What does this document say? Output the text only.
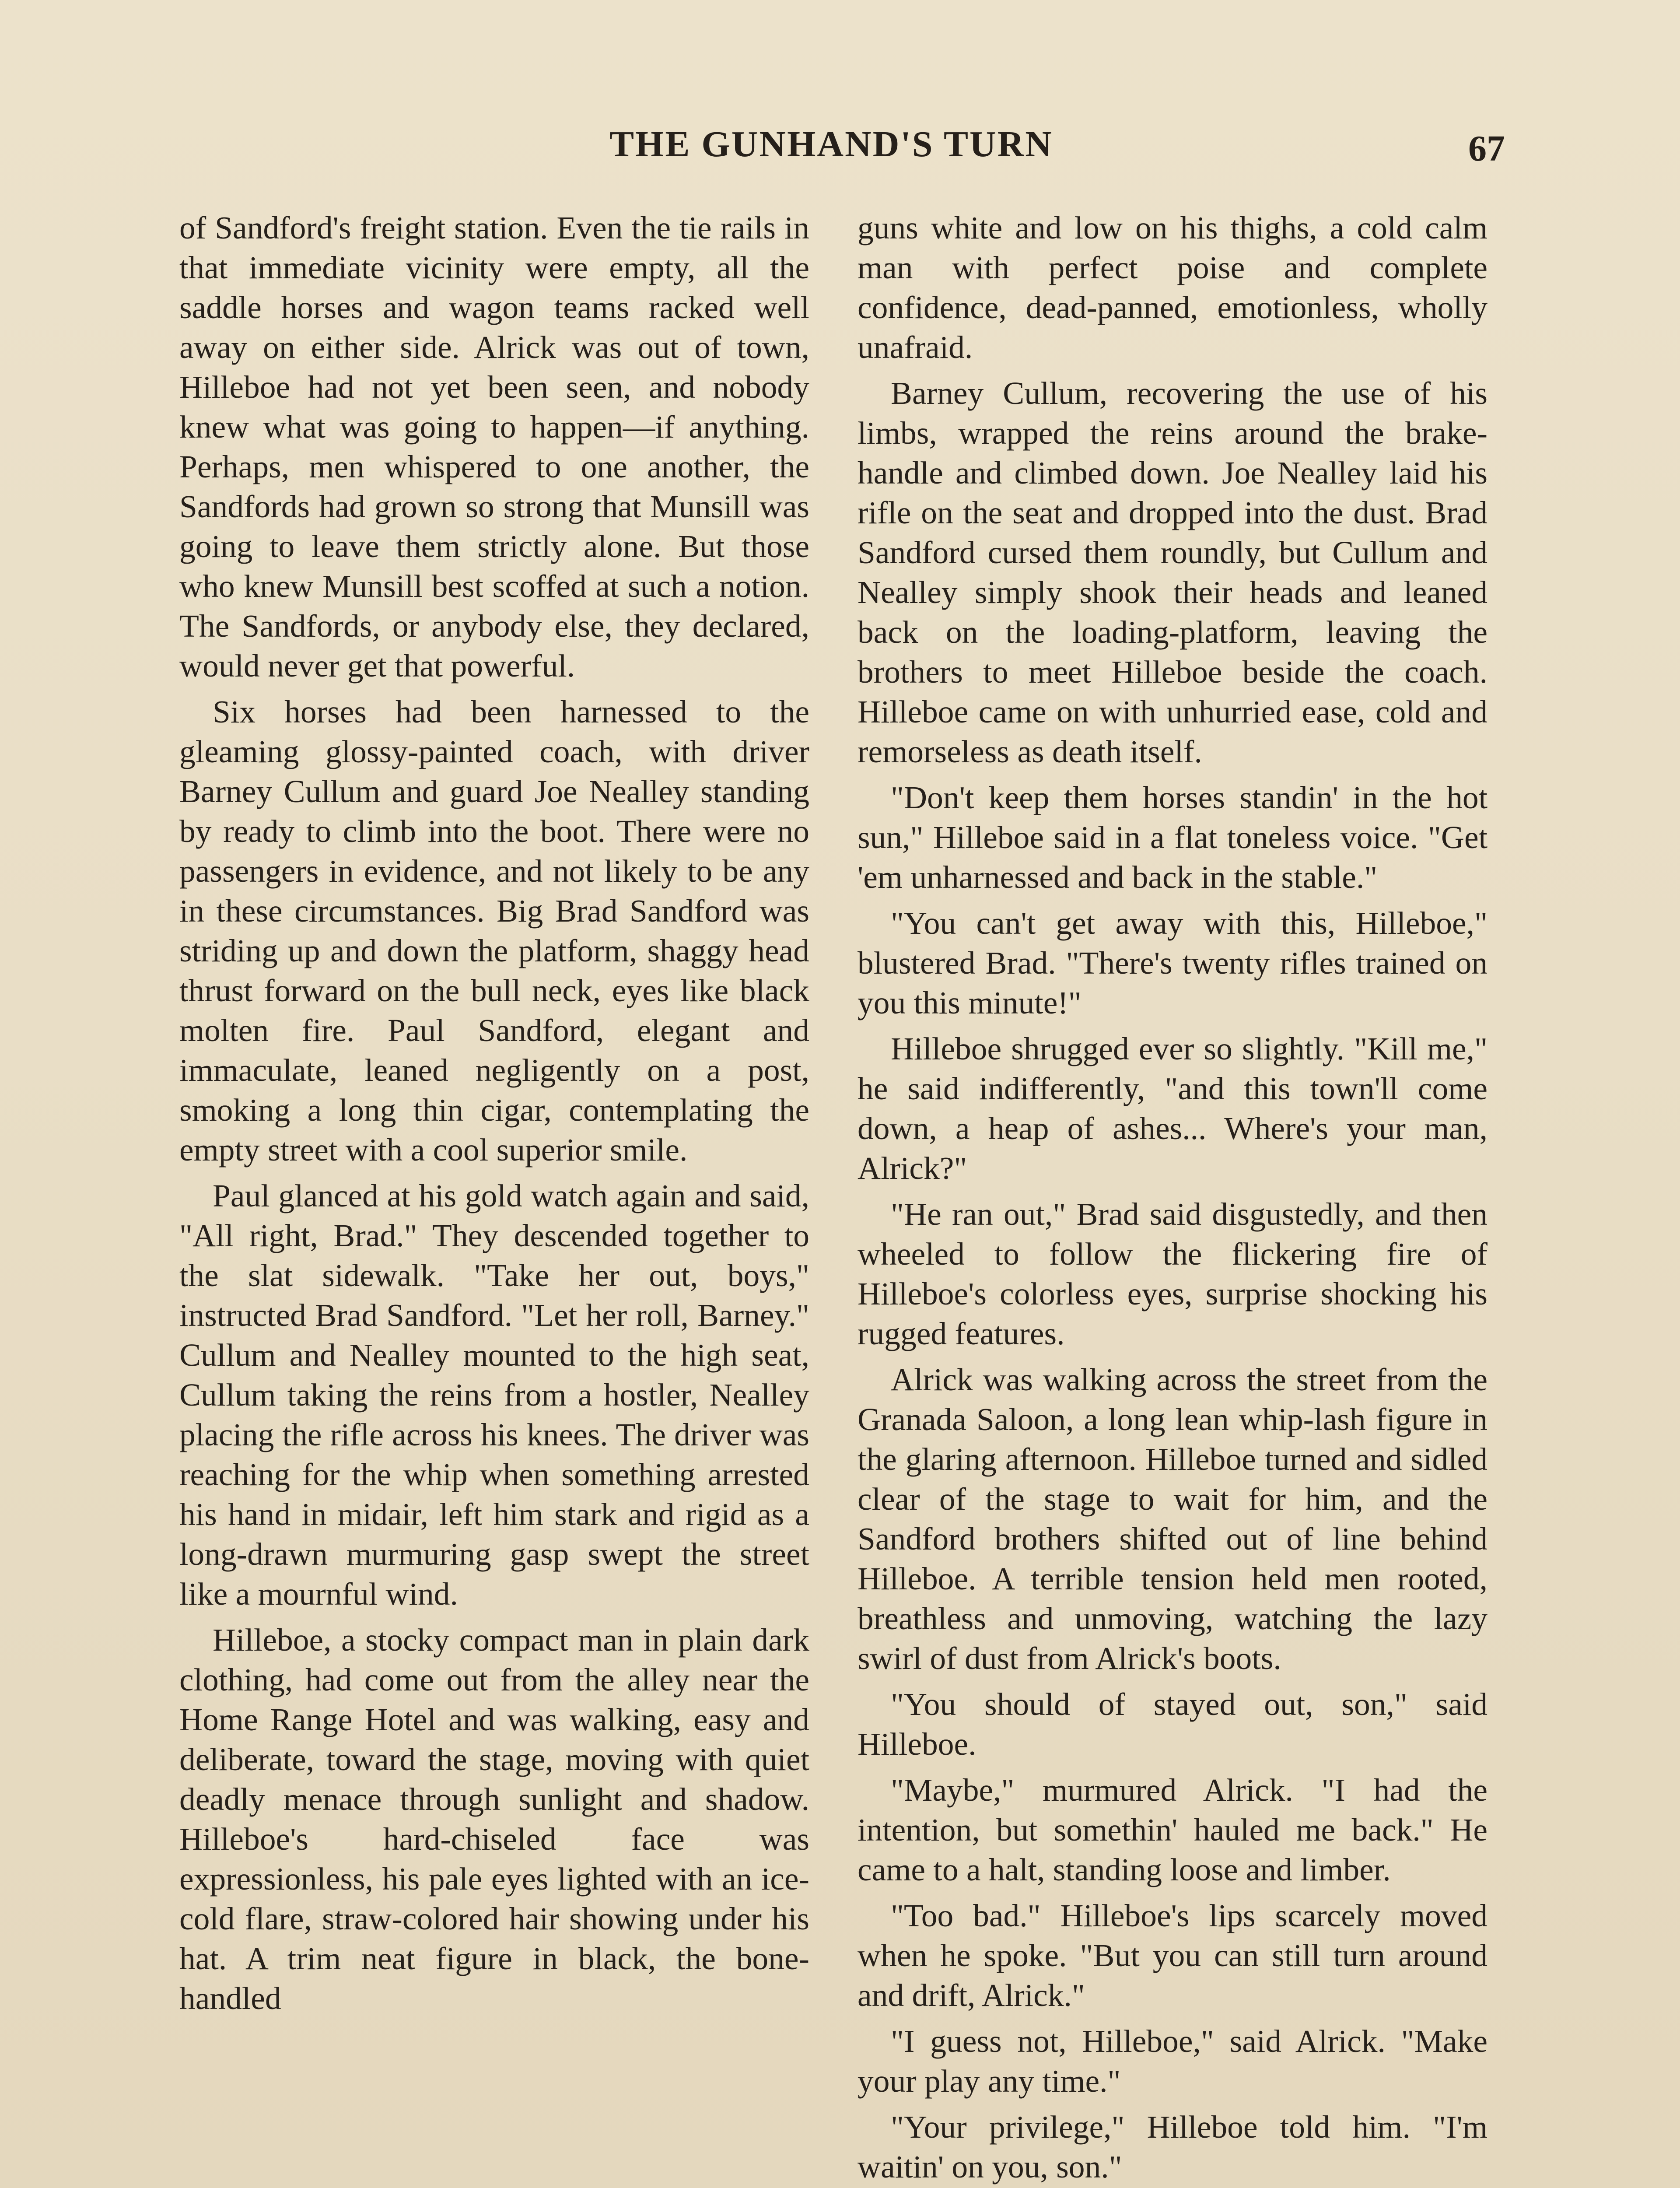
THE GUNHAND'S TURN	67

of Sandford's freight station. Even the tie rails in that immediate vicinity were empty, all the saddle horses and wagon teams racked well away on either side. Alrick was out of town, Hilleboe had not yet been seen, and nobody knew what was going to happen—if anything. Perhaps, men whispered to one another, the Sandfords had grown so strong that Munsill was going to leave them strictly alone. But those who knew Munsill best scoffed at such a notion. The Sandfords, or anybody else, they declared, would never get that powerful.

Six horses had been harnessed to the gleaming glossy-painted coach, with driver Barney Cullum and guard Joe Nealley standing by ready to climb into the boot. There were no passengers in evidence, and not likely to be any in these circumstances. Big Brad Sandford was striding up and down the platform, shaggy head thrust forward on the bull neck, eyes like black molten fire. Paul Sandford, elegant and immaculate, leaned negligently on a post, smoking a long thin cigar, contemplating the empty street with a cool superior smile.

Paul glanced at his gold watch again and said, "All right, Brad." They descended together to the slat sidewalk. "Take her out, boys," instructed Brad Sandford. "Let her roll, Barney." Cullum and Nealley mounted to the high seat, Cullum taking the reins from a hostler, Nealley placing the rifle across his knees. The driver was reaching for the whip when something arrested his hand in midair, left him stark and rigid as a long-drawn murmuring gasp swept the street like a mournful wind.

Hilleboe, a stocky compact man in plain dark clothing, had come out from the alley near the Home Range Hotel and was walking, easy and deliberate, toward the stage, moving with quiet deadly menace through sunlight and shadow. Hilleboe's hard-chiseled face was expressionless, his pale eyes lighted with an ice-cold flare, straw-colored hair showing under his hat. A trim neat figure in black, the bone-handled

guns white and low on his thighs, a cold calm man with perfect poise and complete confidence, dead-panned, emotionless, wholly unafraid.

Barney Cullum, recovering the use of his limbs, wrapped the reins around the brake-handle and climbed down. Joe Nealley laid his rifle on the seat and dropped into the dust. Brad Sandford cursed them roundly, but Cullum and Nealley simply shook their heads and leaned back on the loading-platform, leaving the brothers to meet Hilleboe beside the coach. Hilleboe came on with unhurried ease, cold and remorseless as death itself.

"Don't keep them horses standin' in the hot sun," Hilleboe said in a flat toneless voice. "Get 'em unharnessed and back in the stable."

"You can't get away with this, Hilleboe," blustered Brad. "There's twenty rifles trained on you this minute!"

Hilleboe shrugged ever so slightly. "Kill me," he said indifferently, "and this town'll come down, a heap of ashes... Where's your man, Alrick?"

"He ran out," Brad said disgustedly, and then wheeled to follow the flickering fire of Hilleboe's colorless eyes, surprise shocking his rugged features.

Alrick was walking across the street from the Granada Saloon, a long lean whip-lash figure in the glaring afternoon. Hilleboe turned and sidled clear of the stage to wait for him, and the Sandford brothers shifted out of line behind Hilleboe. A terrible tension held men rooted, breathless and unmoving, watching the lazy swirl of dust from Alrick's boots.

"You should of stayed out, son," said Hilleboe.

"Maybe," murmured Alrick. "I had the intention, but somethin' hauled me back." He came to a halt, standing loose and limber.

"Too bad." Hilleboe's lips scarcely moved when he spoke. "But you can still turn around and drift, Alrick."

"I guess not, Hilleboe," said Alrick. "Make your play any time."

"Your privilege," Hilleboe told him. "I'm waitin' on you, son."
